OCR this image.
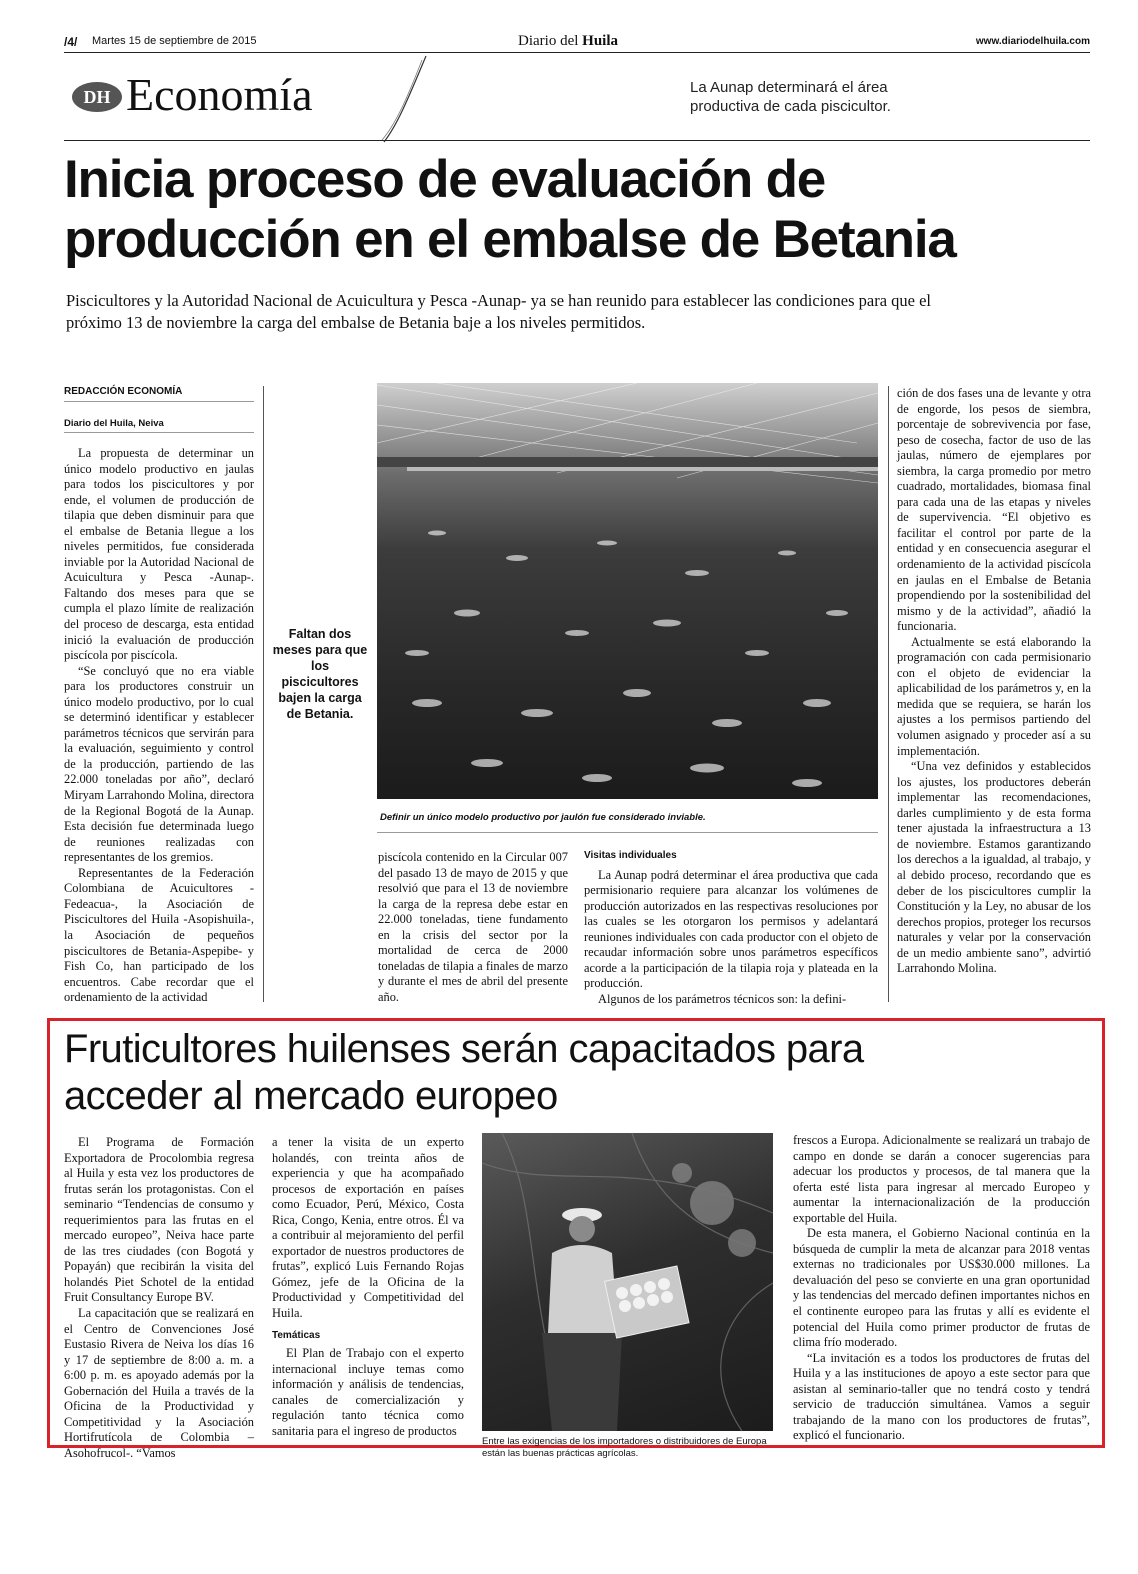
/4/ Martes 15 de septiembre de 2015	Diario del Huila	www.diariodelhuila.com
DH Economía	La Aunap determinará el área productiva de cada piscicultor.
Inicia proceso de evaluación de producción en el embalse de Betania
Piscicultores y la Autoridad Nacional de Acuicultura y Pesca -Aunap- ya se han reunido para establecer las condiciones para que el próximo 13 de noviembre la carga del embalse de Betania baje a los niveles permitidos.
REDACCIÓN ECONOMÍA
Diario del Huila, Neiva

La propuesta de determinar un único modelo productivo en jaulas para todos los piscicultores y por ende, el volumen de producción de tilapia que deben disminuir para que el embalse de Betania llegue a los niveles permitidos, fue considerada inviable por la Autoridad Nacional de Acuicultura y Pesca -Aunap-. Faltando dos meses para que se cumpla el plazo límite de realización del proceso de descarga, esta entidad inició la evaluación de producción piscícola por piscícola.

“Se concluyó que no era viable para los productores construir un único modelo productivo, por lo cual se determinó identificar y establecer parámetros técnicos que servirán para la evaluación, seguimiento y control de la producción, partiendo de las 22.000 toneladas por año”, declaró Miryam Larrahondo Molina, directora de la Regional Bogotá de la Aunap. Esta decisión fue determinada luego de reuniones realizadas con representantes de los gremios.

Representantes de la Federación Colombiana de Acuicultores -Fedeacua-, la Asociación de Piscicultores del Huila -Asopishuila-, la Asociación de pequeños piscicultores de Betania-Aspepibe- y Fish Co, han participado de los encuentros. Cabe recordar que el ordenamiento de la actividad

Faltan dos meses para que los piscicultores bajen la carga de Betania.
Definir un único modelo productivo por jaulón fue considerado inviable.

piscícola contenido en la Circular 007 del pasado 13 de mayo de 2015 y que resolvió que para el 13 de noviembre la carga de la represa debe estar en 22.000 toneladas, tiene fundamento en la crisis del sector por la mortalidad de cerca de 2000 toneladas de tilapia a finales de marzo y durante el mes de abril del presente año.

Visitas individuales

La Aunap podrá determinar el área productiva que cada permisionario requiere para alcanzar los volúmenes de producción autorizados en las respectivas resoluciones por las cuales se les otorgaron los permisos y adelantará reuniones individuales con cada productor con el objeto de recaudar información sobre unos parámetros específicos acorde a la participación de la tilapia roja y plateada en la producción.

Algunos de los parámetros técnicos son: la defini-

ción de dos fases una de levante y otra de engorde, los pesos de siembra, porcentaje de sobrevivencia por fase, peso de cosecha, factor de uso de las jaulas, número de ejemplares por siembra, la carga promedio por metro cuadrado, mortalidades, biomasa final para cada una de las etapas y niveles de supervivencia. “El objetivo es facilitar el control por parte de la entidad y en consecuencia asegurar el ordenamiento de la actividad piscícola en jaulas en el Embalse de Betania propendiendo por la sostenibilidad del mismo y de la actividad”, añadió la funcionaria.

Actualmente se está elaborando la programación con cada permisionario con el objeto de evidenciar la aplicabilidad de los parámetros y, en la medida que se requiera, se harán los ajustes a los permisos partiendo del volumen asignado y proceder así a su implementación.

“Una vez definidos y establecidos los ajustes, los productores deberán implementar las recomendaciones, darles cumplimiento y de esta forma tener ajustada la infraestructura a 13 de noviembre. Estamos garantizando los derechos a la igualdad, al trabajo, y al debido proceso, recordando que es deber de los piscicultores cumplir la Constitución y la Ley, no abusar de los derechos propios, proteger los recursos naturales y velar por la conservación de un medio ambiente sano”, advirtió Larrahondo Molina.

Fruticultores huilenses serán capacitados para acceder al mercado europeo

El Programa de Formación Exportadora de Procolombia regresa al Huila y esta vez los productores de frutas serán los protagonistas. Con el seminario “Tendencias de consumo y requerimientos para las frutas en el mercado europeo”, Neiva hace parte de las tres ciudades (con Bogotá y Popayán) que recibirán la visita del holandés Piet Schotel de la entidad Fruit Consultancy Europe BV.

La capacitación que se realizará en el Centro de Convenciones José Eustasio Rivera de Neiva los días 16 y 17 de septiembre de 8:00 a. m. a 6:00 p. m. es apoyado además por la Gobernación del Huila a través de la Oficina de la Productividad y Competitividad y la Asociación Hortifrutícola de Colombia –Asohofrucol-. “Vamos

a tener la visita de un experto holandés, con treinta años de experiencia y que ha acompañado procesos de exportación en países como Ecuador, Perú, México, Costa Rica, Congo, Kenia, entre otros. Él va a contribuir al mejoramiento del perfil exportador de nuestros productores de frutas”, explicó Luis Fernando Rojas Gómez, jefe de la Oficina de la Productividad y Competitividad del Huila.

Temáticas

El Plan de Trabajo con el experto internacional incluye temas como información y análisis de tendencias, canales de comercialización y regulación tanto técnica como sanitaria para el ingreso de productos

Entre las exigencias de los importadores o distribuidores de Europa están las buenas prácticas agrícolas.

frescos a Europa. Adicionalmente se realizará un trabajo de campo en donde se darán a conocer sugerencias para adecuar los productos y procesos, de tal manera que la oferta esté lista para ingresar al mercado Europeo y aumentar la internacionalización de la producción exportable del Huila.

De esta manera, el Gobierno Nacional continúa en la búsqueda de cumplir la meta de alcanzar para 2018 ventas externas no tradicionales por US$30.000 millones. La devaluación del peso se convierte en una gran oportunidad y las tendencias del mercado definen importantes nichos en el continente europeo para las frutas y allí es evidente el potencial del Huila como primer productor de frutas de clima frío moderado.

“La invitación es a todos los productores de frutas del Huila y a las instituciones de apoyo a este sector para que asistan al seminario-taller que no tendrá costo y tendrá servicio de traducción simultánea. Vamos a seguir trabajando de la mano con los productores de frutas”, explicó el funcionario.
